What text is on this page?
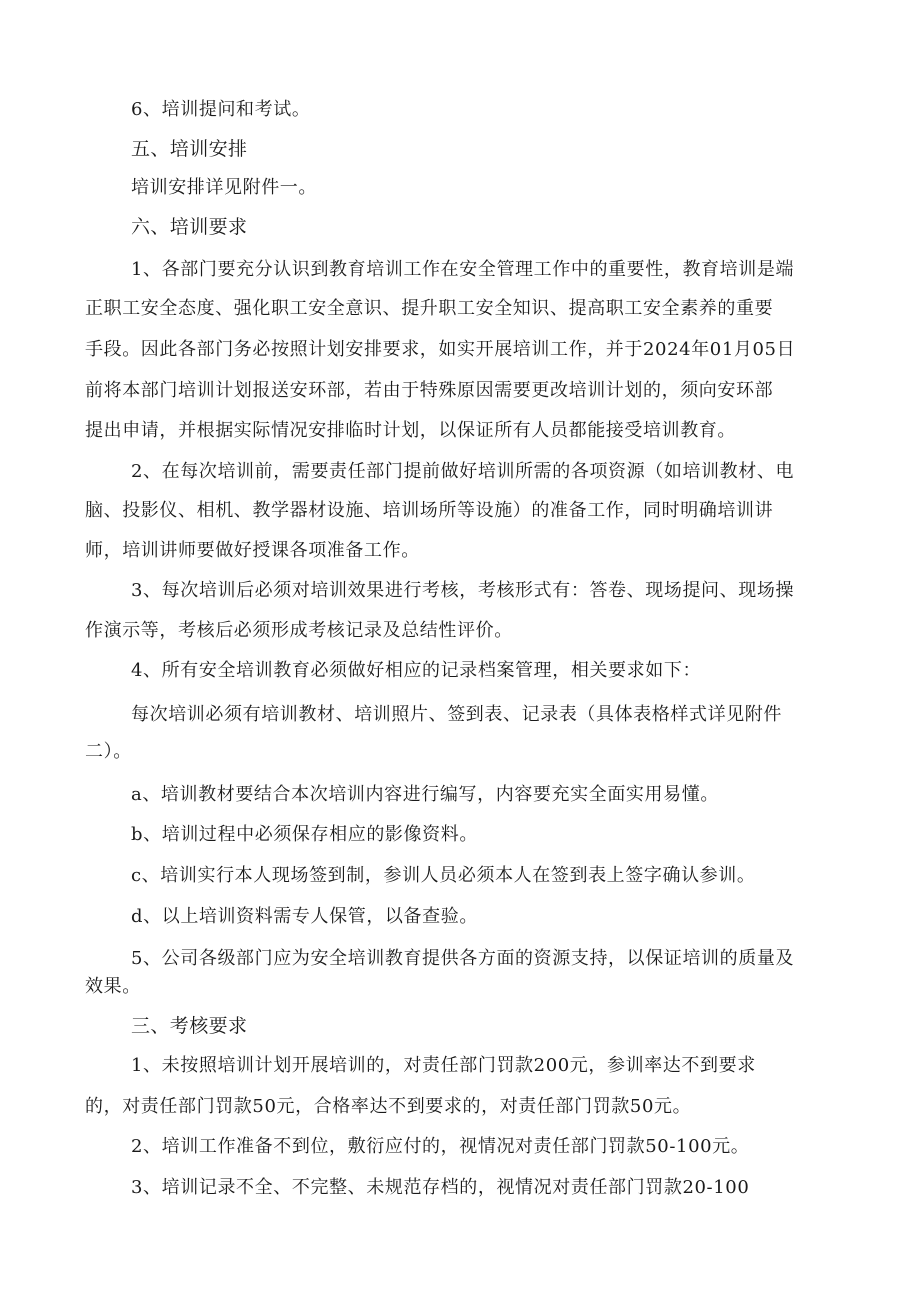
6、培训提问和考试。
五、培训安排
培训安排详见附件一。
六、培训要求
1、各部门要充分认识到教育培训工作在安全管理工作中的重要性，教育培训是端
正职工安全态度、强化职工安全意识、提升职工安全知识、提高职工安全素养的重要
手段。因此各部门务必按照计划安排要求，如实开展培训工作，并于2024年01月05日
前将本部门培训计划报送安环部，若由于特殊原因需要更改培训计划的，须向安环部
提出申请，并根据实际情况安排临时计划，以保证所有人员都能接受培训教育。
2、在每次培训前，需要责任部门提前做好培训所需的各项资源（如培训教材、电
脑、投影仪、相机、教学器材设施、培训场所等设施）的准备工作，同时明确培训讲
师，培训讲师要做好授课各项准备工作。
3、每次培训后必须对培训效果进行考核，考核形式有：答卷、现场提问、现场操
作演示等，考核后必须形成考核记录及总结性评价。
4、所有安全培训教育必须做好相应的记录档案管理，相关要求如下：
每次培训必须有培训教材、培训照片、签到表、记录表（具体表格样式详见附件
二）。
a、培训教材要结合本次培训内容进行编写，内容要充实全面实用易懂。
b、培训过程中必须保存相应的影像资料。
c、培训实行本人现场签到制，参训人员必须本人在签到表上签字确认参训。
d、以上培训资料需专人保管，以备查验。
5、公司各级部门应为安全培训教育提供各方面的资源支持，以保证培训的质量及
效果。
三、考核要求
1、未按照培训计划开展培训的，对责任部门罚款200元，参训率达不到要求
的，对责任部门罚款50元，合格率达不到要求的，对责任部门罚款50元。
2、培训工作准备不到位，敷衍应付的，视情况对责任部门罚款50-100元。
3、培训记录不全、不完整、未规范存档的，视情况对责任部门罚款20-100
